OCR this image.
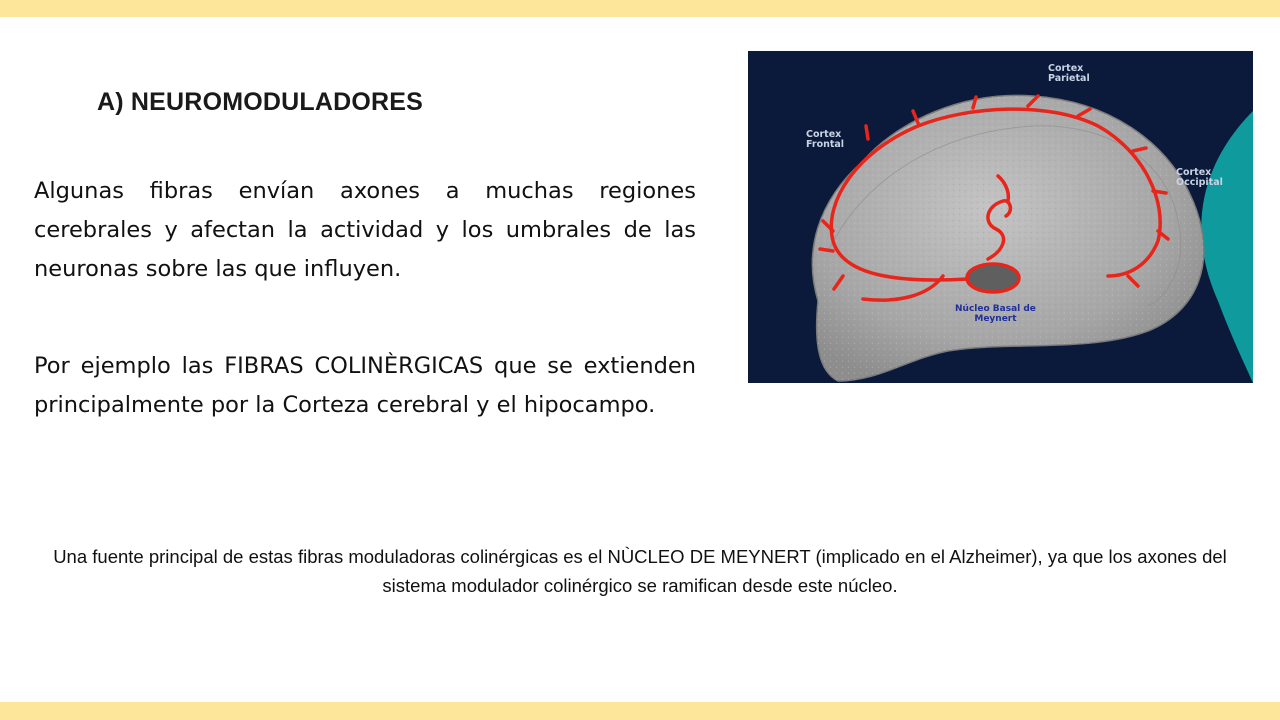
A) NEUROMODULADORES
Algunas fibras envían axones a muchas regiones cerebrales y afectan la actividad y los umbrales de las neuronas sobre las que influyen.
Por ejemplo las FIBRAS COLINÈRGICAS que se extienden principalmente por la Corteza cerebral y el hipocampo.
Cortex
Parietal
Cortex
Frontal
Cortex
Occipital
Núcleo Basal de
Meynert
Una fuente principal de estas fibras moduladoras colinérgicas es el NÙCLEO DE MEYNERT (implicado en el Alzheimer), ya que los axones del sistema modulador colinérgico se ramifican desde este núcleo.
